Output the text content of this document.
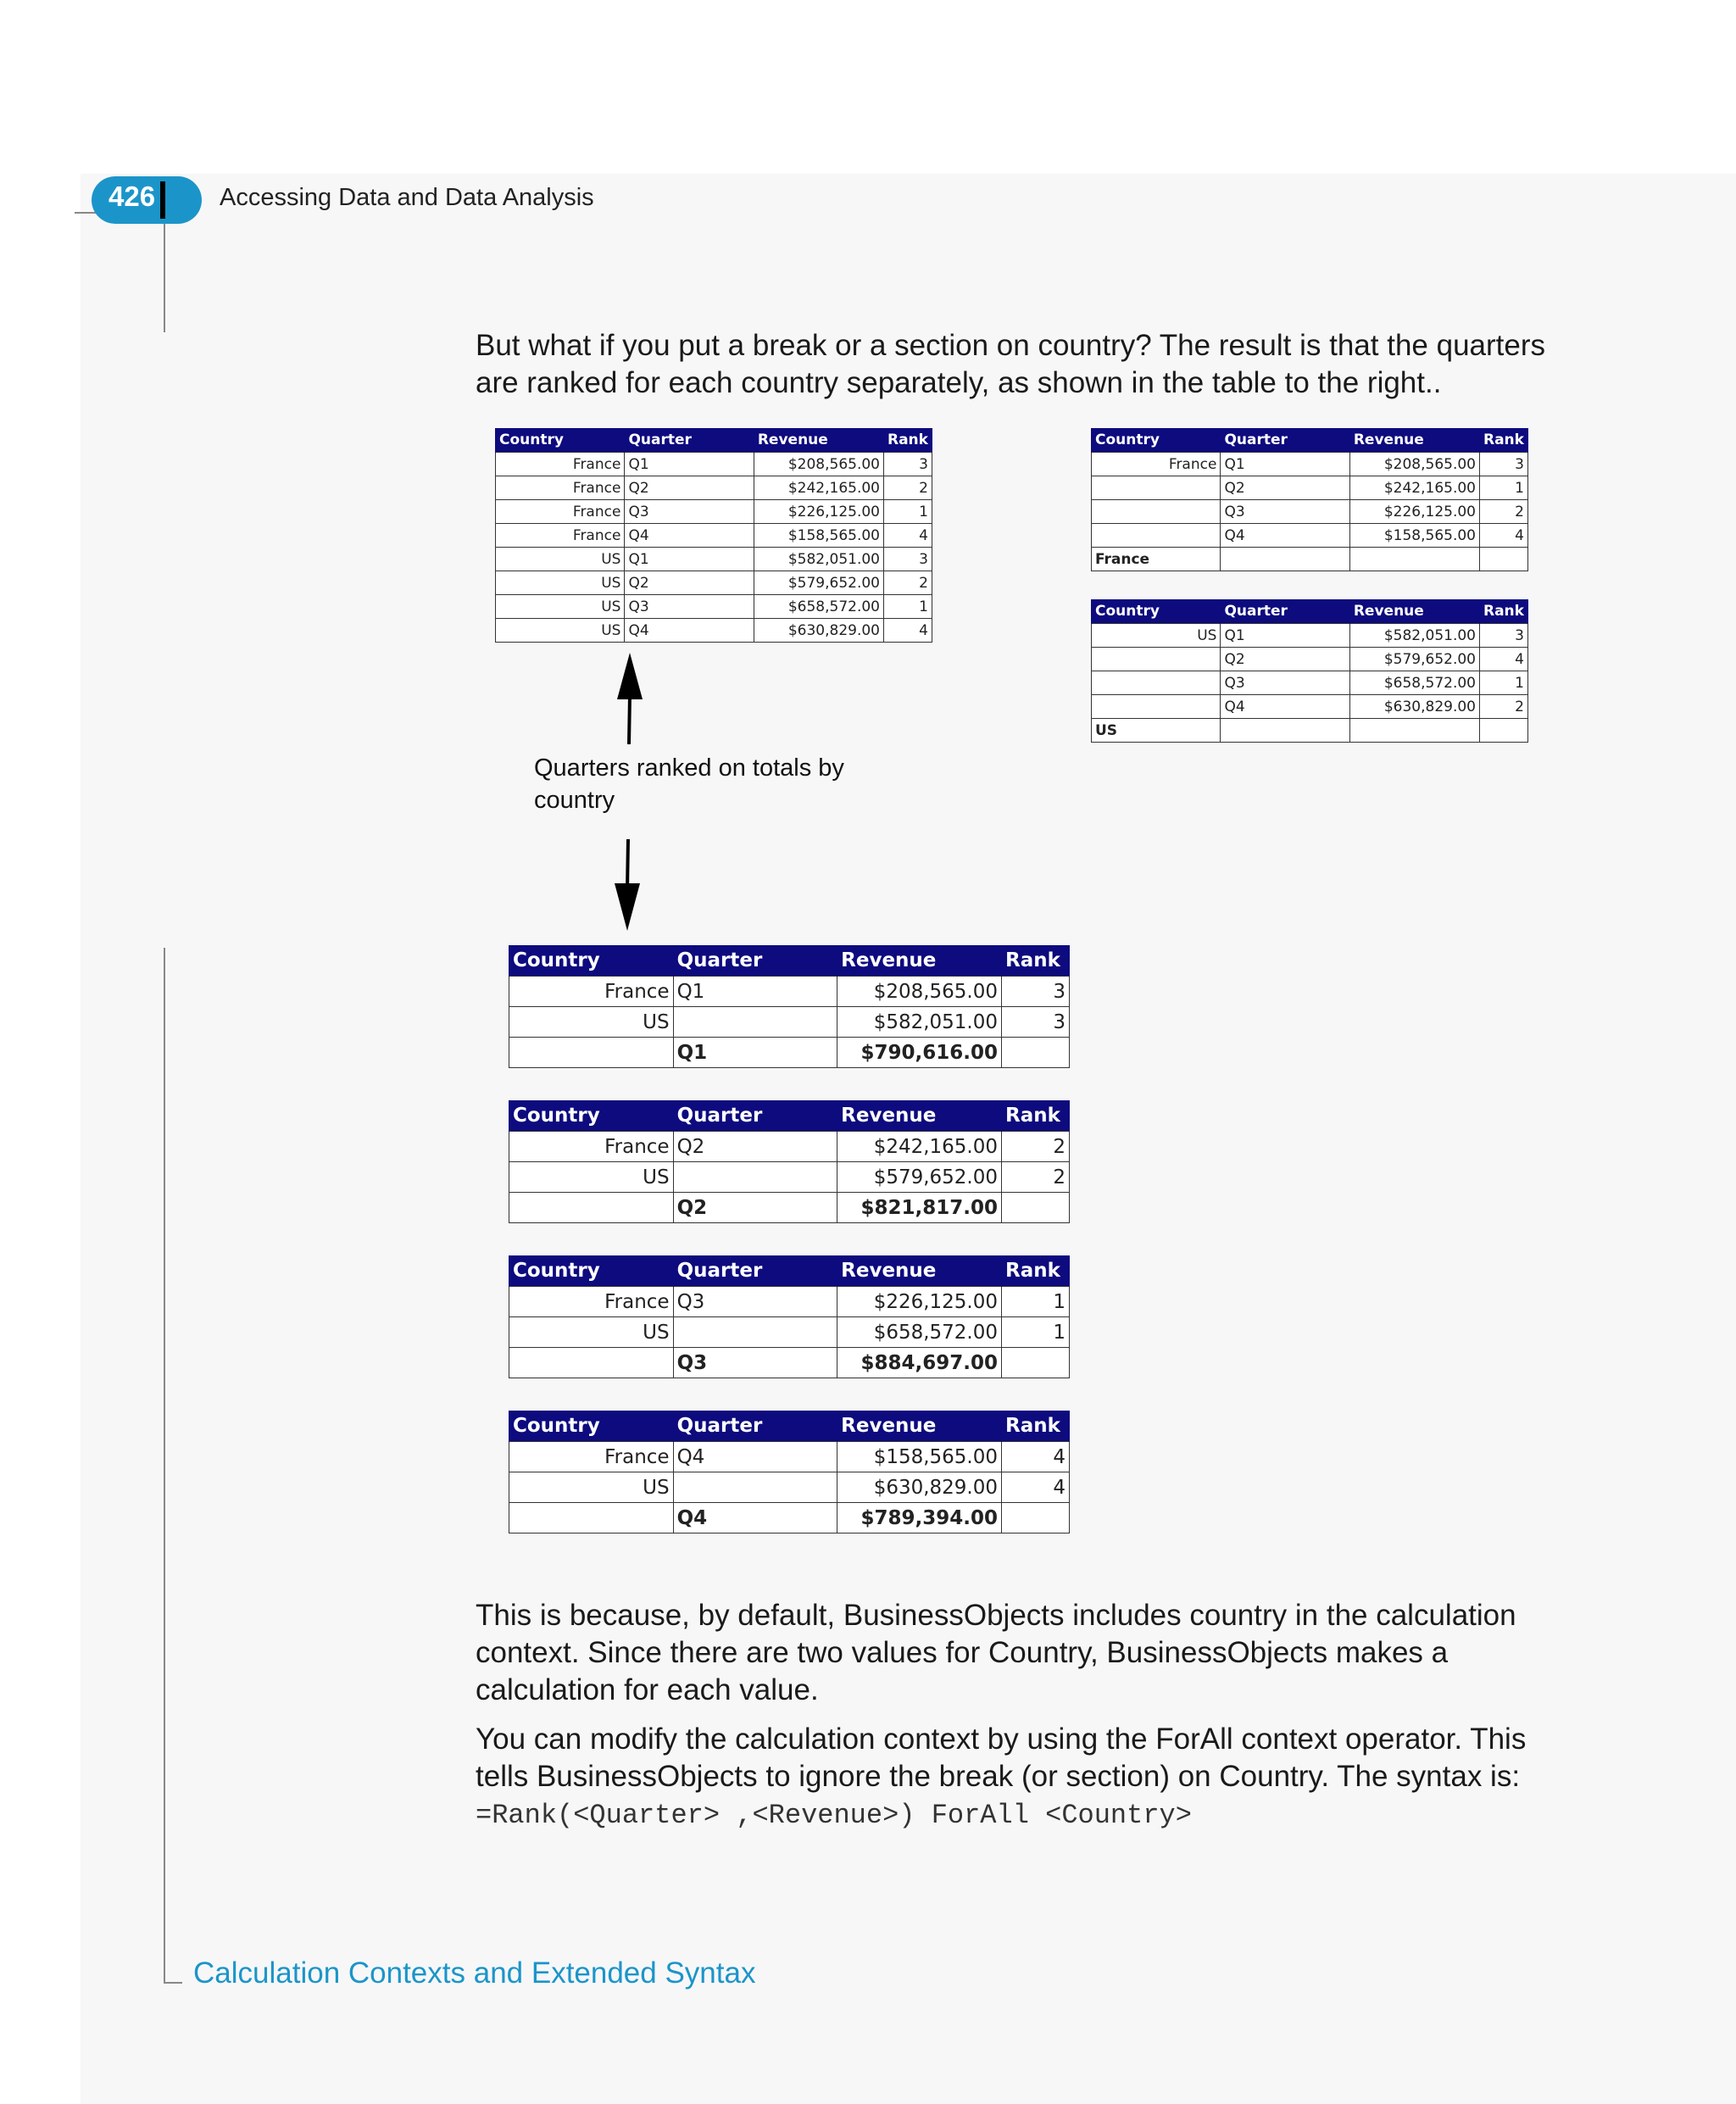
426	Accessing Data and Data Analysis
But what if you put a break or a section on country? The result is that the quarters are ranked for each country separately, as shown in the table to the right..
Country	Quarter	Revenue	Rank
France	Q1	$208,565.00	3
France	Q2	$242,165.00	2
France	Q3	$226,125.00	1
France	Q4	$158,565.00	4
US	Q1	$582,051.00	3
US	Q2	$579,652.00	2
US	Q3	$658,572.00	1
US	Q4	$630,829.00	4
Country	Quarter	Revenue	Rank
France	Q1	$208,565.00	3
	Q2	$242,165.00	1
	Q3	$226,125.00	2
	Q4	$158,565.00	4
France			
Country	Quarter	Revenue	Rank
US	Q1	$582,051.00	3
	Q2	$579,652.00	4
	Q3	$658,572.00	1
	Q4	$630,829.00	2
US			
Quarters ranked on totals by country
Country	Quarter	Revenue	Rank
France	Q1	$208,565.00	3
US		$582,051.00	3
	Q1	$790,616.00	
Country	Quarter	Revenue	Rank
France	Q2	$242,165.00	2
US		$579,652.00	2
	Q2	$821,817.00	
Country	Quarter	Revenue	Rank
France	Q3	$226,125.00	1
US		$658,572.00	1
	Q3	$884,697.00	
Country	Quarter	Revenue	Rank
France	Q4	$158,565.00	4
US		$630,829.00	4
	Q4	$789,394.00	
This is because, by default, BusinessObjects includes country in the calculation context. Since there are two values for Country, BusinessObjects makes a calculation for each value.
You can modify the calculation context by using the ForAll context operator. This tells BusinessObjects to ignore the break (or section) on Country. The syntax is:
=Rank(<Quarter> ,<Revenue>) ForAll <Country>
Calculation Contexts and Extended Syntax
